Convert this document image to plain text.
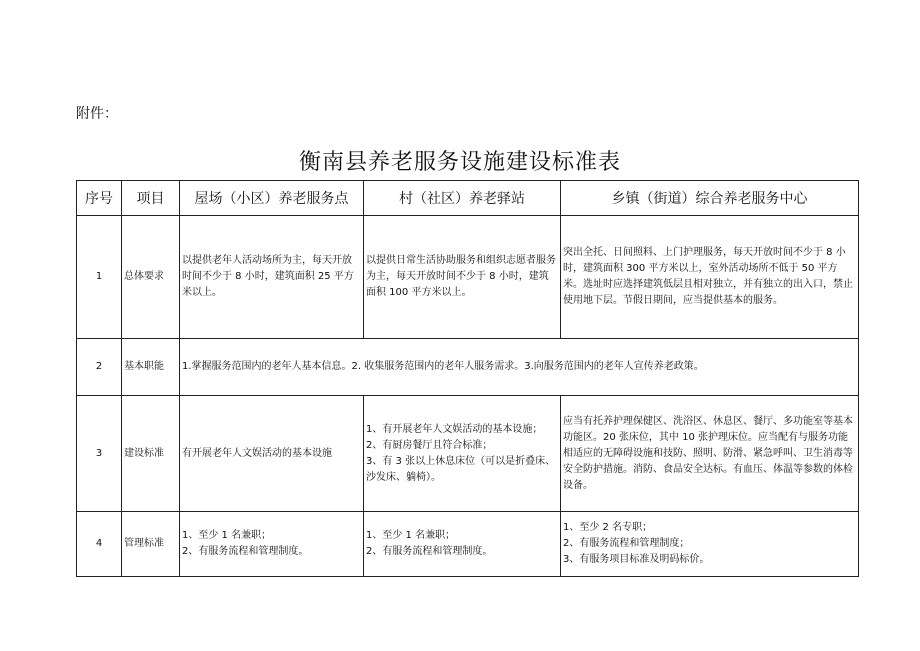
附件：
衡南县养老服务设施建设标准表
序号	项目	屋场（小区）养老服务点	村（社区）养老驿站	乡镇（街道）综合养老服务中心
1	总体要求	以提供老年人活动场所为主，每天开放时间不少于 8 小时，建筑面积 25 平方米以上。	以提供日常生活协助服务和组织志愿者服务为主，每天开放时间不少于 8 小时，建筑面积 100 平方米以上。	突出全托、日间照料、上门护理服务，每天开放时间不少于 8 小时，建筑面积 300 平方米以上，室外活动场所不低于 50 平方米。选址时应选择建筑低层且相对独立，并有独立的出入口，禁止使用地下层。节假日期间，应当提供基本的服务。
2	基本职能	1.掌握服务范围内的老年人基本信息。2. 收集服务范围内的老年人服务需求。3.向服务范围内的老年人宣传养老政策。		
3	建设标准	有开展老年人文娱活动的基本设施	1、有开展老年人文娱活动的基本设施；
2、有厨房餐厅且符合标准；
3、有 3 张以上休息床位（可以是折叠床、沙发床、躺椅）。	应当有托养护理保健区、洗浴区、休息区、餐厅、多功能室等基本功能区。20 张床位，其中 10 张护理床位。应当配有与服务功能相适应的无障碍设施和技防、照明、防滑、紧急呼叫、卫生消毒等安全防护措施。消防、食品安全达标。有血压、体温等参数的体检设备。
4	管理标准	1、至少 1 名兼职；
2、有服务流程和管理制度。	1、至少 1 名兼职；
2、有服务流程和管理制度。	1、至少 2 名专职；
2、有服务流程和管理制度；
3、有服务项目标准及明码标价。
